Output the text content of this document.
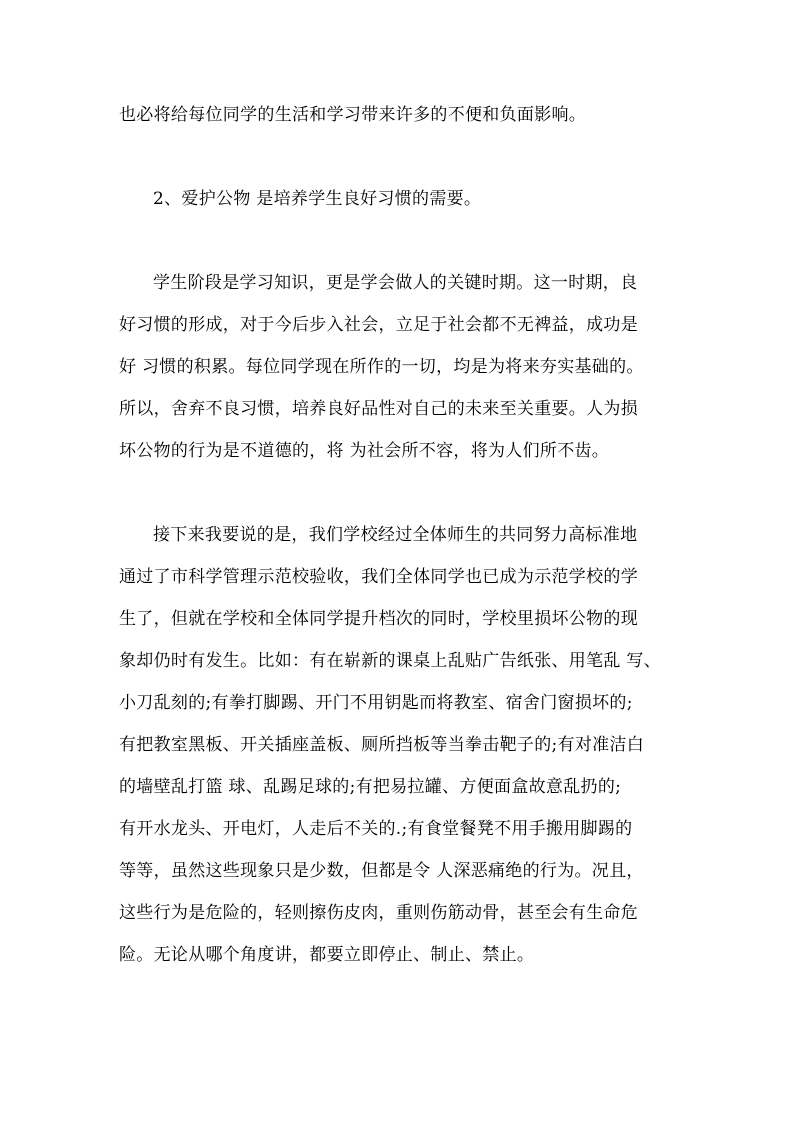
也必将给每位同学的生活和学习带来许多的不便和负面影响。
2、爱护公物 是培养学生良好习惯的需要。
学生阶段是学习知识，更是学会做人的关键时期。这一时期，良
好习惯的形成，对于今后步入社会，立足于社会都不无裨益，成功是
好 习惯的积累。每位同学现在所作的一切，均是为将来夯实基础的。
所以，舍弃不良习惯，培养良好品性对自己的未来至关重要。人为损
坏公物的行为是不道德的，将 为社会所不容，将为人们所不齿。
接下来我要说的是，我们学校经过全体师生的共同努力高标准地
通过了市科学管理示范校验收，我们全体同学也已成为示范学校的学
生了，但就在学校和全体同学提升档次的同时，学校里损坏公物的现
象却仍时有发生。比如：有在崭新的课桌上乱贴广告纸张、用笔乱 写、
小刀乱刻的;有拳打脚踢、开门不用钥匙而将教室、宿舍门窗损坏的;
有把教室黑板、开关插座盖板、厕所挡板等当拳击靶子的;有对准洁白
的墙壁乱打篮 球、乱踢足球的;有把易拉罐、方便面盒故意乱扔的;
有开水龙头、开电灯，人走后不关的.;有食堂餐凳不用手搬用脚踢的
等等，虽然这些现象只是少数，但都是令 人深恶痛绝的行为。况且，
这些行为是危险的，轻则擦伤皮肉，重则伤筋动骨，甚至会有生命危
险。无论从哪个角度讲，都要立即停止、制止、禁止。
